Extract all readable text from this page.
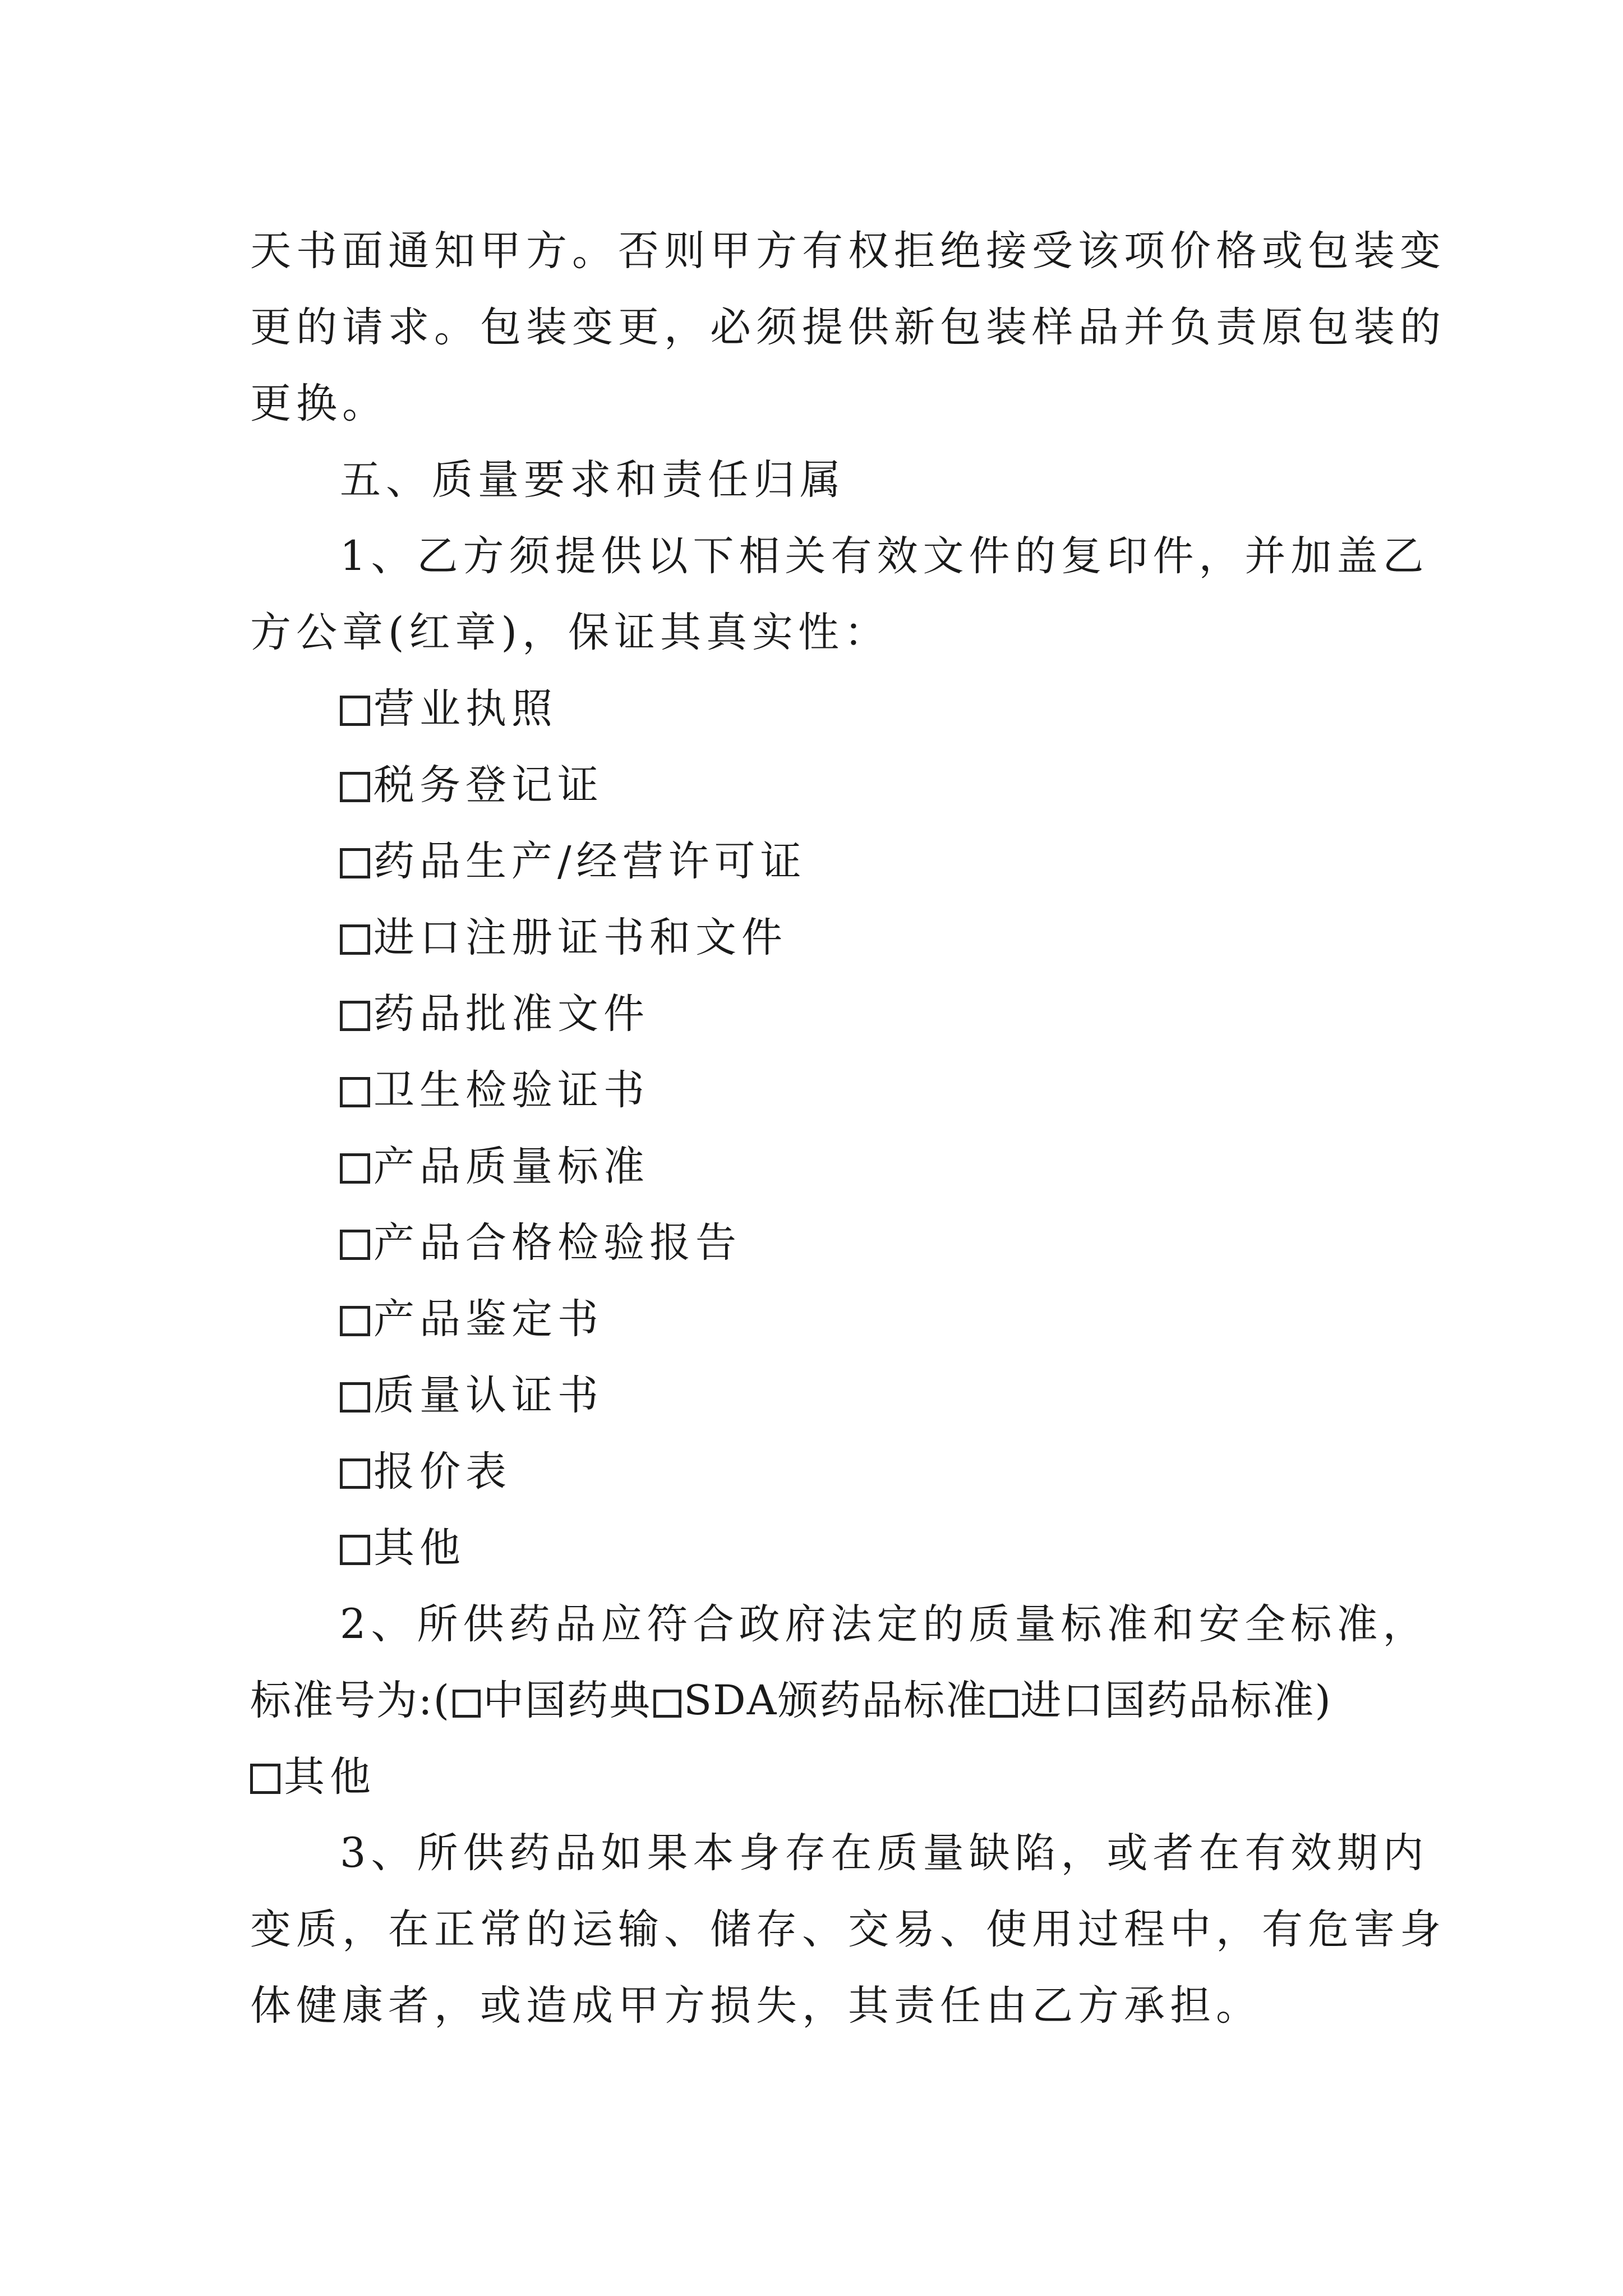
天书面通知甲方。否则甲方有权拒绝接受该项价格或包装变
更的请求。包装变更，必须提供新包装样品并负责原包装的
更换。
五、质量要求和责任归属
1、乙方须提供以下相关有效文件的复印件，并加盖乙
方公章(红章)，保证其真实性：
营业执照
税务登记证
药品生产/经营许可证
进口注册证书和文件
药品批准文件
卫生检验证书
产品质量标准
产品合格检验报告
产品鉴定书
质量认证书
报价表
其他
2、所供药品应符合政府法定的质量标准和安全标准，
标准号为:( 中国药典 SDA颁药品标准 进口国药品标准)
其他
3、所供药品如果本身存在质量缺陷，或者在有效期内
变质，在正常的运输、储存、交易、使用过程中，有危害身
体健康者，或造成甲方损失，其责任由乙方承担。
